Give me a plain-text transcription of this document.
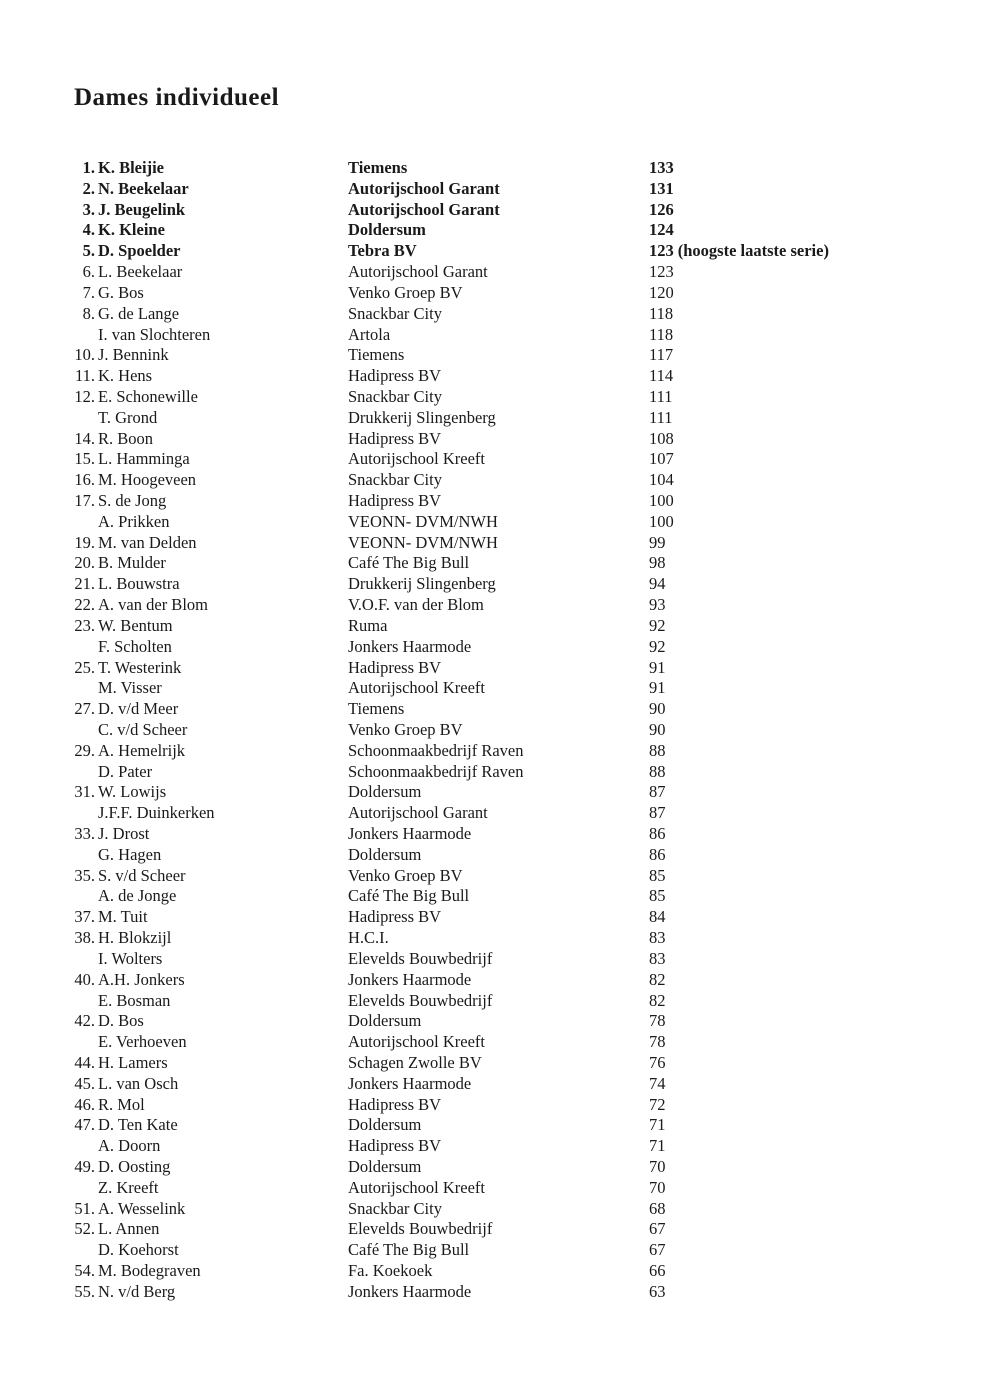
Dames individueel
1. K. Bleijie	Tiemens	133
2. N. Beekelaar	Autorijschool Garant	131
3. J. Beugelink	Autorijschool Garant	126
4. K. Kleine	Doldersum	124
5. D. Spoelder	Tebra BV	123 (hoogste laatste serie)
6. L. Beekelaar	Autorijschool Garant	123
7. G. Bos	Venko Groep BV	120
8. G. de Lange	Snackbar City	118
I. van Slochteren	Artola	118
10. J. Bennink	Tiemens	117
11. K. Hens	Hadipress BV	114
12. E. Schonewille	Snackbar City	111
T. Grond	Drukkerij Slingenberg	111
14. R. Boon	Hadipress BV	108
15. L. Hamminga	Autorijschool Kreeft	107
16. M. Hoogeveen	Snackbar City	104
17. S. de Jong	Hadipress BV	100
A. Prikken	VEONN- DVM/NWH	100
19. M. van Delden	VEONN- DVM/NWH	99
20. B. Mulder	Café The Big Bull	98
21. L. Bouwstra	Drukkerij Slingenberg	94
22. A. van der Blom	V.O.F. van der Blom	93
23. W. Bentum	Ruma	92
F. Scholten	Jonkers Haarmode	92
25. T. Westerink	Hadipress BV	91
M. Visser	Autorijschool Kreeft	91
27. D. v/d Meer	Tiemens	90
C. v/d Scheer	Venko Groep BV	90
29. A. Hemelrijk	Schoonmaakbedrijf Raven	88
D. Pater	Schoonmaakbedrijf Raven	88
31. W. Lowijs	Doldersum	87
J.F.F. Duinkerken	Autorijschool Garant	87
33. J. Drost	Jonkers Haarmode	86
G. Hagen	Doldersum	86
35. S. v/d Scheer	Venko Groep BV	85
A. de Jonge	Café The Big Bull	85
37. M. Tuit	Hadipress BV	84
38. H. Blokzijl	H.C.I.	83
I. Wolters	Elevelds Bouwbedrijf	83
40. A.H. Jonkers	Jonkers Haarmode	82
E. Bosman	Elevelds Bouwbedrijf	82
42. D. Bos	Doldersum	78
E. Verhoeven	Autorijschool Kreeft	78
44. H. Lamers	Schagen Zwolle BV	76
45. L. van Osch	Jonkers Haarmode	74
46. R. Mol	Hadipress BV	72
47. D. Ten Kate	Doldersum	71
A. Doorn	Hadipress BV	71
49. D. Oosting	Doldersum	70
Z. Kreeft	Autorijschool Kreeft	70
51. A. Wesselink	Snackbar City	68
52. L. Annen	Elevelds Bouwbedrijf	67
D. Koehorst	Café The Big Bull	67
54. M. Bodegraven	Fa. Koekoek	66
55. N. v/d Berg	Jonkers Haarmode	63
